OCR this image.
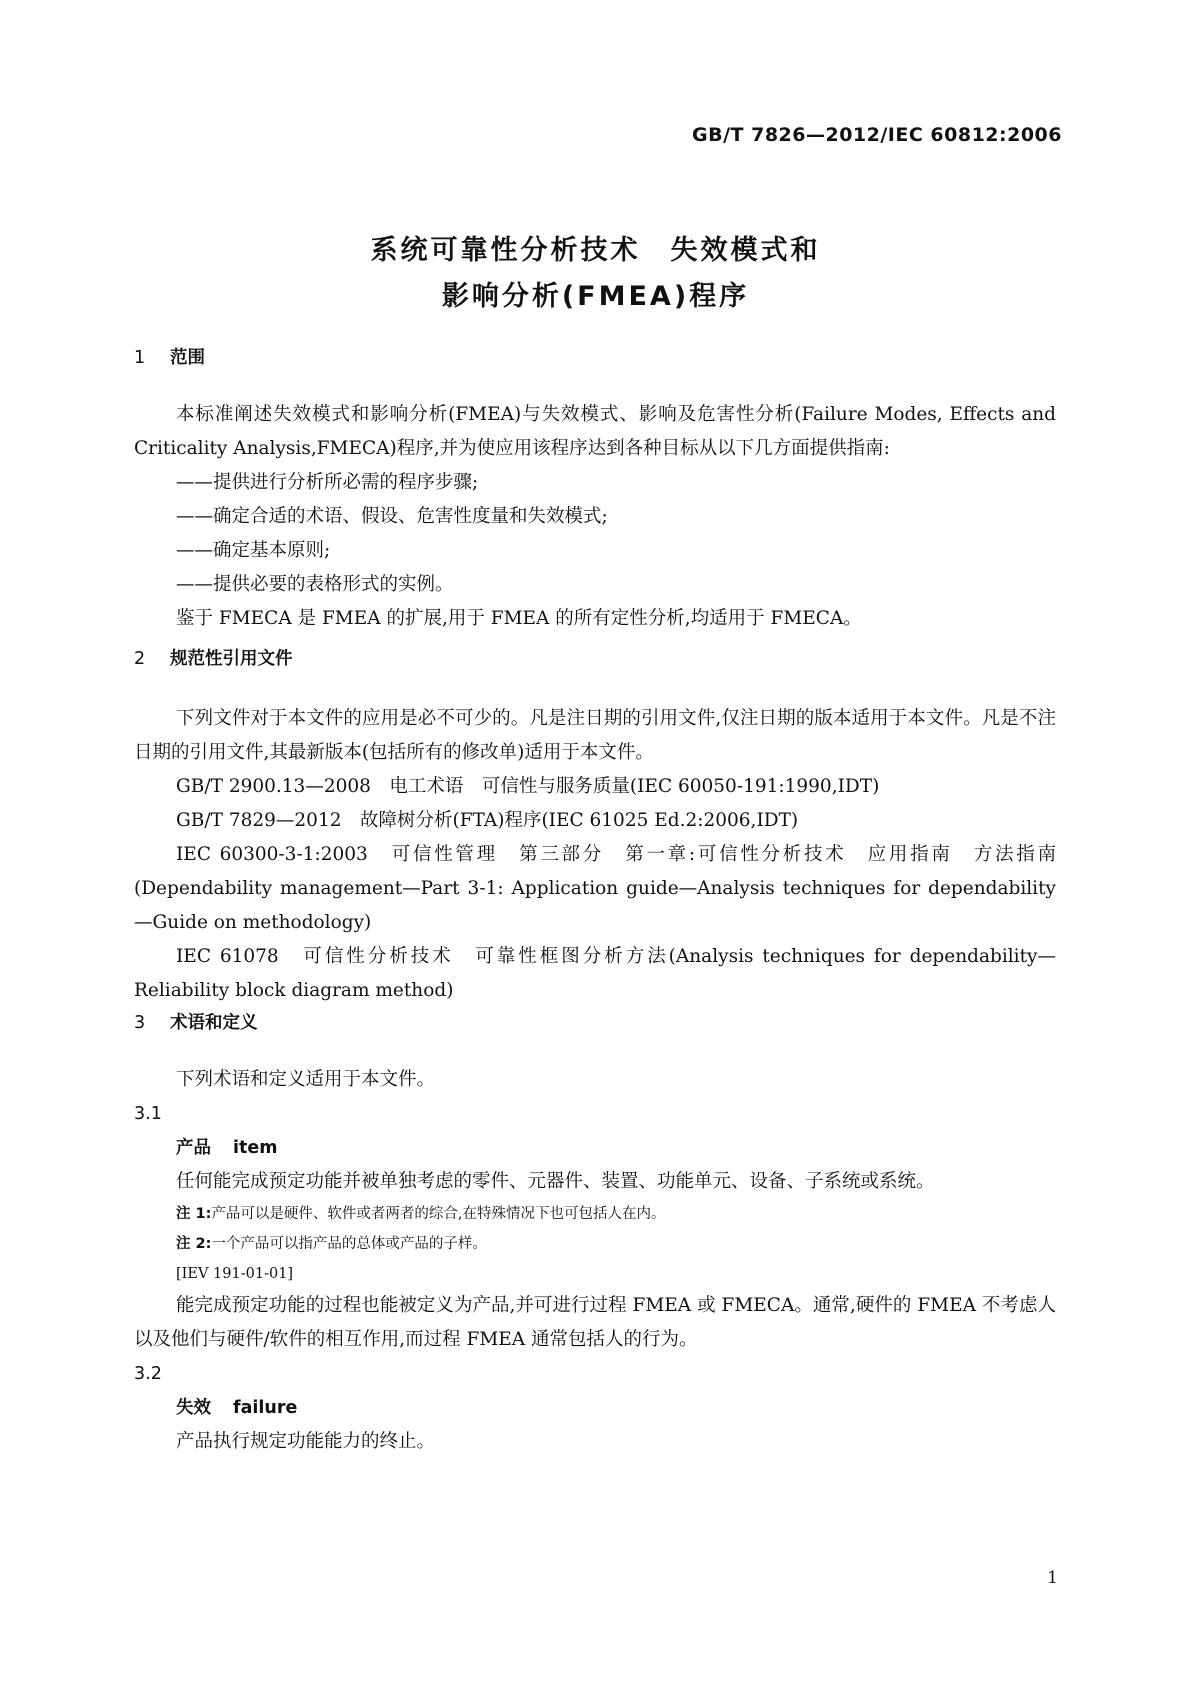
GB/T 7826—2012/IEC 60812:2006
系统可靠性分析技术　失效模式和
影响分析(FMEA)程序
1 范围

本标准阐述失效模式和影响分析(FMEA)与失效模式、影响及危害性分析(Failure Modes, Effects and Criticality Analysis,FMECA)程序,并为使应用该程序达到各种目标从以下几方面提供指南:

——提供进行分析所必需的程序步骤;
——确定合适的术语、假设、危害性度量和失效模式;
——确定基本原则;
——提供必要的表格形式的实例。

鉴于 FMECA 是 FMEA 的扩展,用于 FMEA 的所有定性分析,均适用于 FMECA。

2 规范性引用文件

下列文件对于本文件的应用是必不可少的。凡是注日期的引用文件,仅注日期的版本适用于本文件。凡是不注日期的引用文件,其最新版本(包括所有的修改单)适用于本文件。

GB/T 2900.13—2008　电工术语　可信性与服务质量(IEC 60050-191:1990,IDT)

GB/T 7829—2012　故障树分析(FTA)程序(IEC 61025 Ed.2:2006,IDT)

IEC 60300-3-1:2003　可信性管理　第三部分　第一章:可信性分析技术　应用指南　方法指南(Dependability management—Part 3-1: Application guide—Analysis techniques for dependability—Guide on methodology)

IEC 61078　可信性分析技术　可靠性框图分析方法(Analysis techniques for dependability—Reliability block diagram method)

3 术语和定义

下列术语和定义适用于本文件。

3.1
产品 item
任何能完成预定功能并被单独考虑的零件、元器件、装置、功能单元、设备、子系统或系统。
注 1:产品可以是硬件、软件或者两者的综合,在特殊情况下也可包括人在内。
注 2:一个产品可以指产品的总体或产品的子样。
[IEV 191-01-01]

能完成预定功能的过程也能被定义为产品,并可进行过程 FMEA 或 FMECA。通常,硬件的 FMEA 不考虑人以及他们与硬件/软件的相互作用,而过程 FMEA 通常包括人的行为。

3.2
失效 failure
产品执行规定功能能力的终止。
1
